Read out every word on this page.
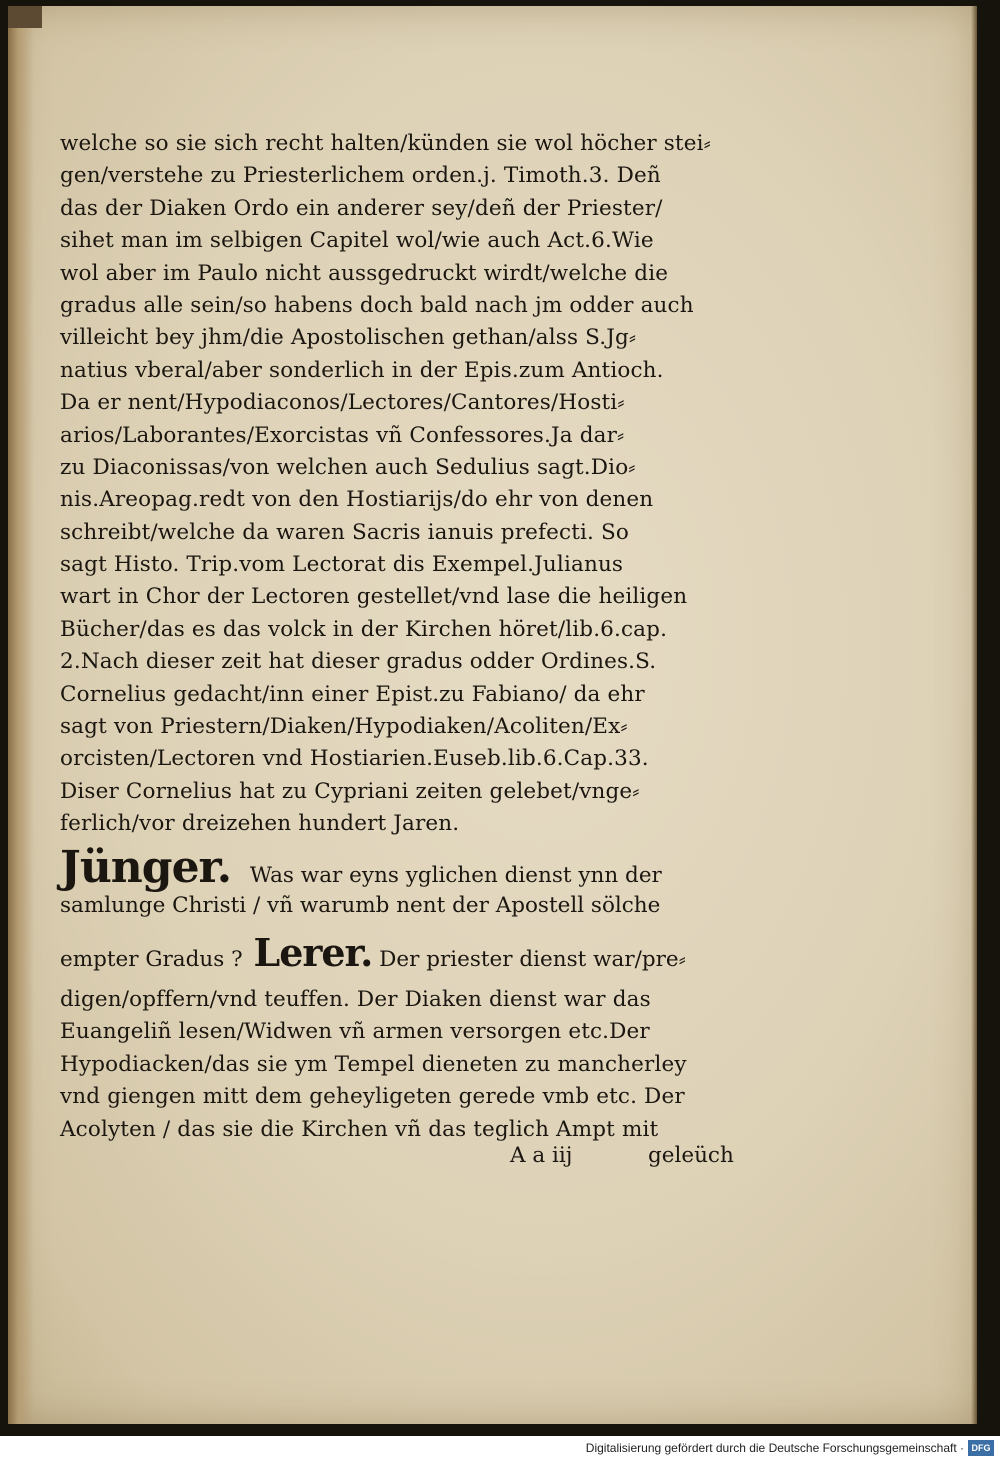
welche so sie sich recht halten/künden sie wol höcher stei⸗
gen/verstehe zu Priesterlichem orden.j. Timoth.3. Deñ
das der Diaken Ordo ein anderer sey/deñ der Priester/
sihet man im selbigen Capitel wol/wie auch Act.6.Wie
wol aber im Paulo nicht aussgedruckt wirdt/welche die
gradus alle sein/so habens doch bald nach jm odder auch
villeicht bey jhm/die Apostolischen gethan/alss S.Jg⸗
natius vberal/aber sonderlich in der Epis.zum Antioch.
Da er nent/Hypodiaconos/Lectores/Cantores/Hosti⸗
arios/Laborantes/Exorcistas vñ Confessores.Ja dar⸗
zu Diaconissas/von welchen auch Sedulius sagt.Dio⸗
nis.Areopag.redt von den Hostiarijs/do ehr von denen
schreibt/welche da waren Sacris ianuis prefecti. So
sagt Histo. Trip.vom Lectorat dis Exempel.Julianus
wart in Chor der Lectoren gestellet/vnd lase die heiligen
Bücher/das es das volck in der Kirchen höret/lib.6.cap.
2.Nach dieser zeit hat dieser gradus odder Ordines.S.
Cornelius gedacht/inn einer Epist.zu Fabiano/ da ehr
sagt von Priestern/Diaken/Hypodiaken/Acoliten/Ex⸗
orcisten/Lectoren vnd Hostiarien.Euseb.lib.6.Cap.33.
Diser Cornelius hat zu Cypriani zeiten gelebet/vnge⸗
ferlich/vor dreizehen hundert Jaren.
Jünger. Was war eyns yglichen dienst ynn der
samlunge Christi / vñ warumb nent der Apostell sölche
empter Gradus ? Lerer. Der priester dienst war/pre⸗
digen/opffern/vnd teuffen. Der Diaken dienst war das
Euangeliñ lesen/Widwen vñ armen versorgen etc.Der
Hypodiacken/das sie ym Tempel dieneten zu mancherley
vnd giengen mitt dem geheyligeten gerede vmb etc. Der
Acolyten / das sie die Kirchen vñ das teglich Ampt mit
A a iij	geleüch
Digitalisierung gefördert durch die Deutsche Forschungsgemeinschaft · DFG
